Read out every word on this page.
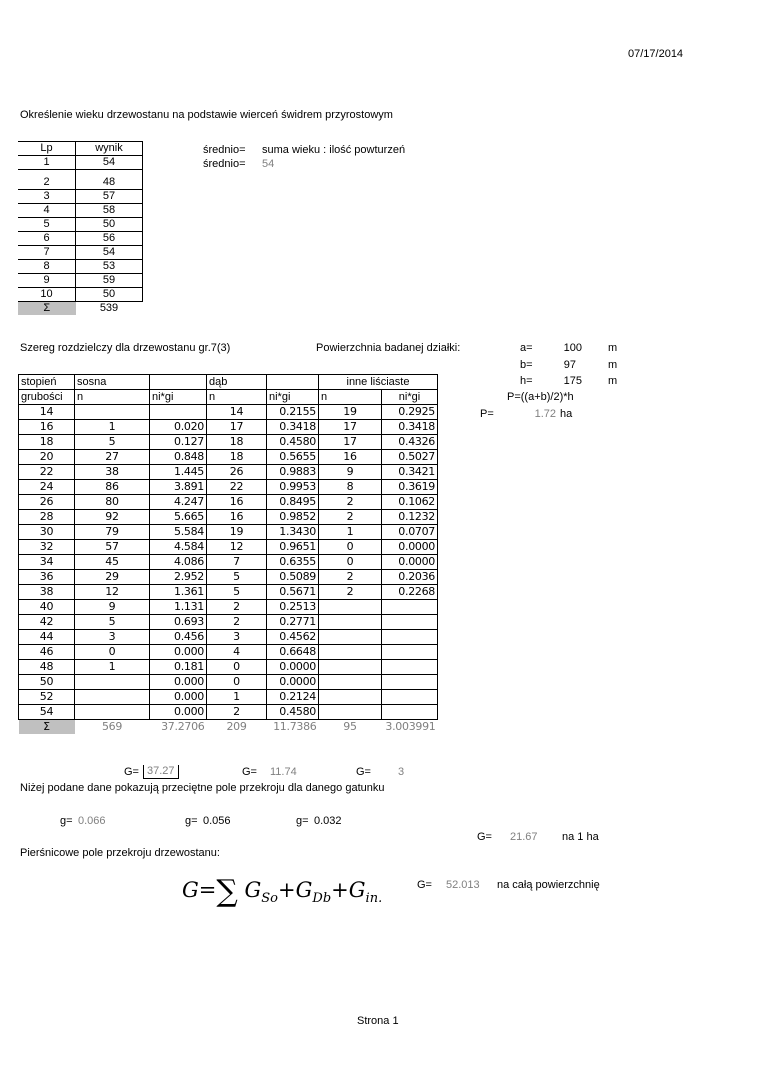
07/17/2014
Określenie wieku drzewostanu na podstawie wierceń świdrem przyrostowym
Lp	wynik
1	54

2	48
3	57
4	58
5	50
6	56
7	54
8	53
9	59
10	50
Σ	539
średnio= suma wieku : ilość powturzeń
średnio= 54
Szereg rozdzielczy dla drzewostanu gr.7(3)	Powierzchnia badanej działki:	a=	100 m
b=	97	m
h=	175 m
P=((a+b)/2)*h
P=	1.72 ha
stopień	sosna		dąb		inne liściaste	
grubości	n	ni*gi	n	ni*gi	n	ni*gi
14			14	0.2155	19	0.2925
16	1	0.020	17	0.3418	17	0.3418
18	5	0.127	18	0.4580	17	0.4326
20	27	0.848	18	0.5655	16	0.5027
22	38	1.445	26	0.9883	9	0.3421
24	86	3.891	22	0.9953	8	0.3619
26	80	4.247	16	0.8495	2	0.1062
28	92	5.665	16	0.9852	2	0.1232
30	79	5.584	19	1.3430	1	0.0707
32	57	4.584	12	0.9651	0	0.0000
34	45	4.086	7	0.6355	0	0.0000
36	29	2.952	5	0.5089	2	0.2036
38	12	1.361	5	0.5671	2	0.2268
40	9	1.131	2	0.2513		
42	5	0.693	2	0.2771		
44	3	0.456	3	0.4562		
46	0	0.000	4	0.6648		
48	1	0.181	0	0.0000		
50		0.000	0	0.0000		
52		0.000	1	0.2124		
54		0.000	2	0.4580		
Σ	569	37.2706	209	11.7386	95	3.003991
G= 37.27	G= 11.74	G= 3
Niżej podane dane pokazują przeciętne pole przekroju dla danego gatunku
g= 0.066	g= 0.056	g= 0.032
G= 21.67 na 1 ha
Pierśnicowe pole przekroju drzewostanu:
G=∑ $G_{So}+G_{Db}+G_{in.}$
G= 52.013 na całą powierzchnię
Strona 1
